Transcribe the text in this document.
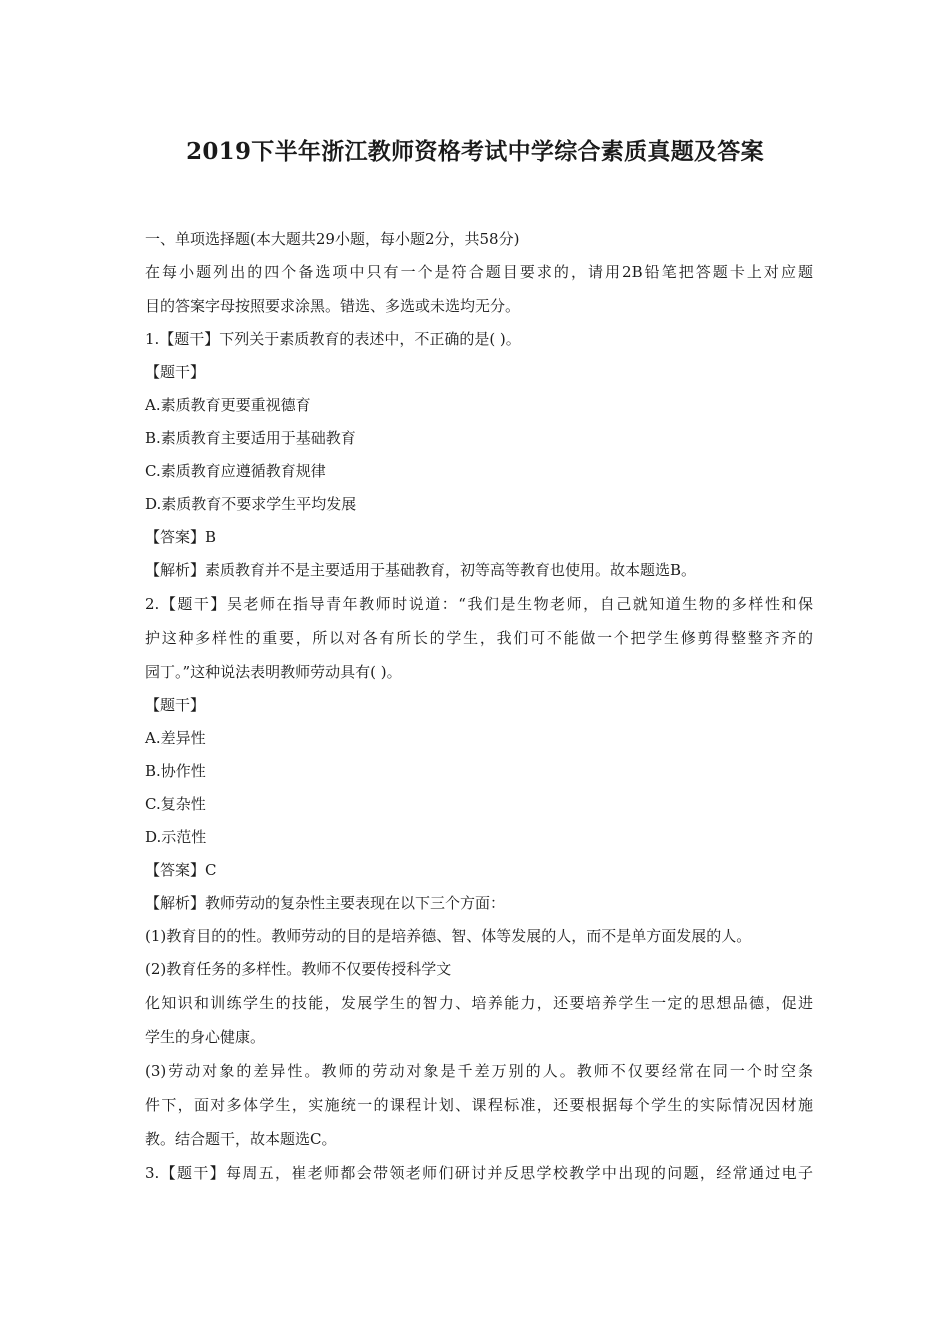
2019下半年浙江教师资格考试中学综合素质真题及答案

一、单项选择题(本大题共29小题，每小题2分，共58分)

在每小题列出的四个备选项中只有一个是符合题目要求的，请用2B铅笔把答题卡上对应题

目的答案字母按照要求涂黑。错选、多选或未选均无分。

1.【题干】下列关于素质教育的表述中，不正确的是( )。

【题干】

A.素质教育更要重视德育

B.素质教育主要适用于基础教育

C.素质教育应遵循教育规律

D.素质教育不要求学生平均发展

【答案】B

【解析】素质教育并不是主要适用于基础教育，初等高等教育也使用。故本题选B。

2.【题干】吴老师在指导青年教师时说道：“我们是生物老师，自己就知道生物的多样性和保

护这种多样性的重要，所以对各有所长的学生，我们可不能做一个把学生修剪得整整齐齐的

园丁。”这种说法表明教师劳动具有( )。

【题干】

A.差异性

B.协作性

C.复杂性

D.示范性

【答案】C

【解析】教师劳动的复杂性主要表现在以下三个方面：

(1)教育目的的性。教师劳动的目的是培养德、智、体等发展的人，而不是单方面发展的人。

(2)教育任务的多样性。教师不仅要传授科学文

化知识和训练学生的技能，发展学生的智力、培养能力，还要培养学生一定的思想品德，促进

学生的身心健康。

(3)劳动对象的差异性。教师的劳动对象是千差万别的人。教师不仅要经常在同一个时空条

件下，面对多体学生，实施统一的课程计划、课程标准，还要根据每个学生的实际情况因材施

教。结合题干，故本题选C。

3.【题干】每周五，崔老师都会带领老师们研讨并反思学校教学中出现的问题，经常通过电子
